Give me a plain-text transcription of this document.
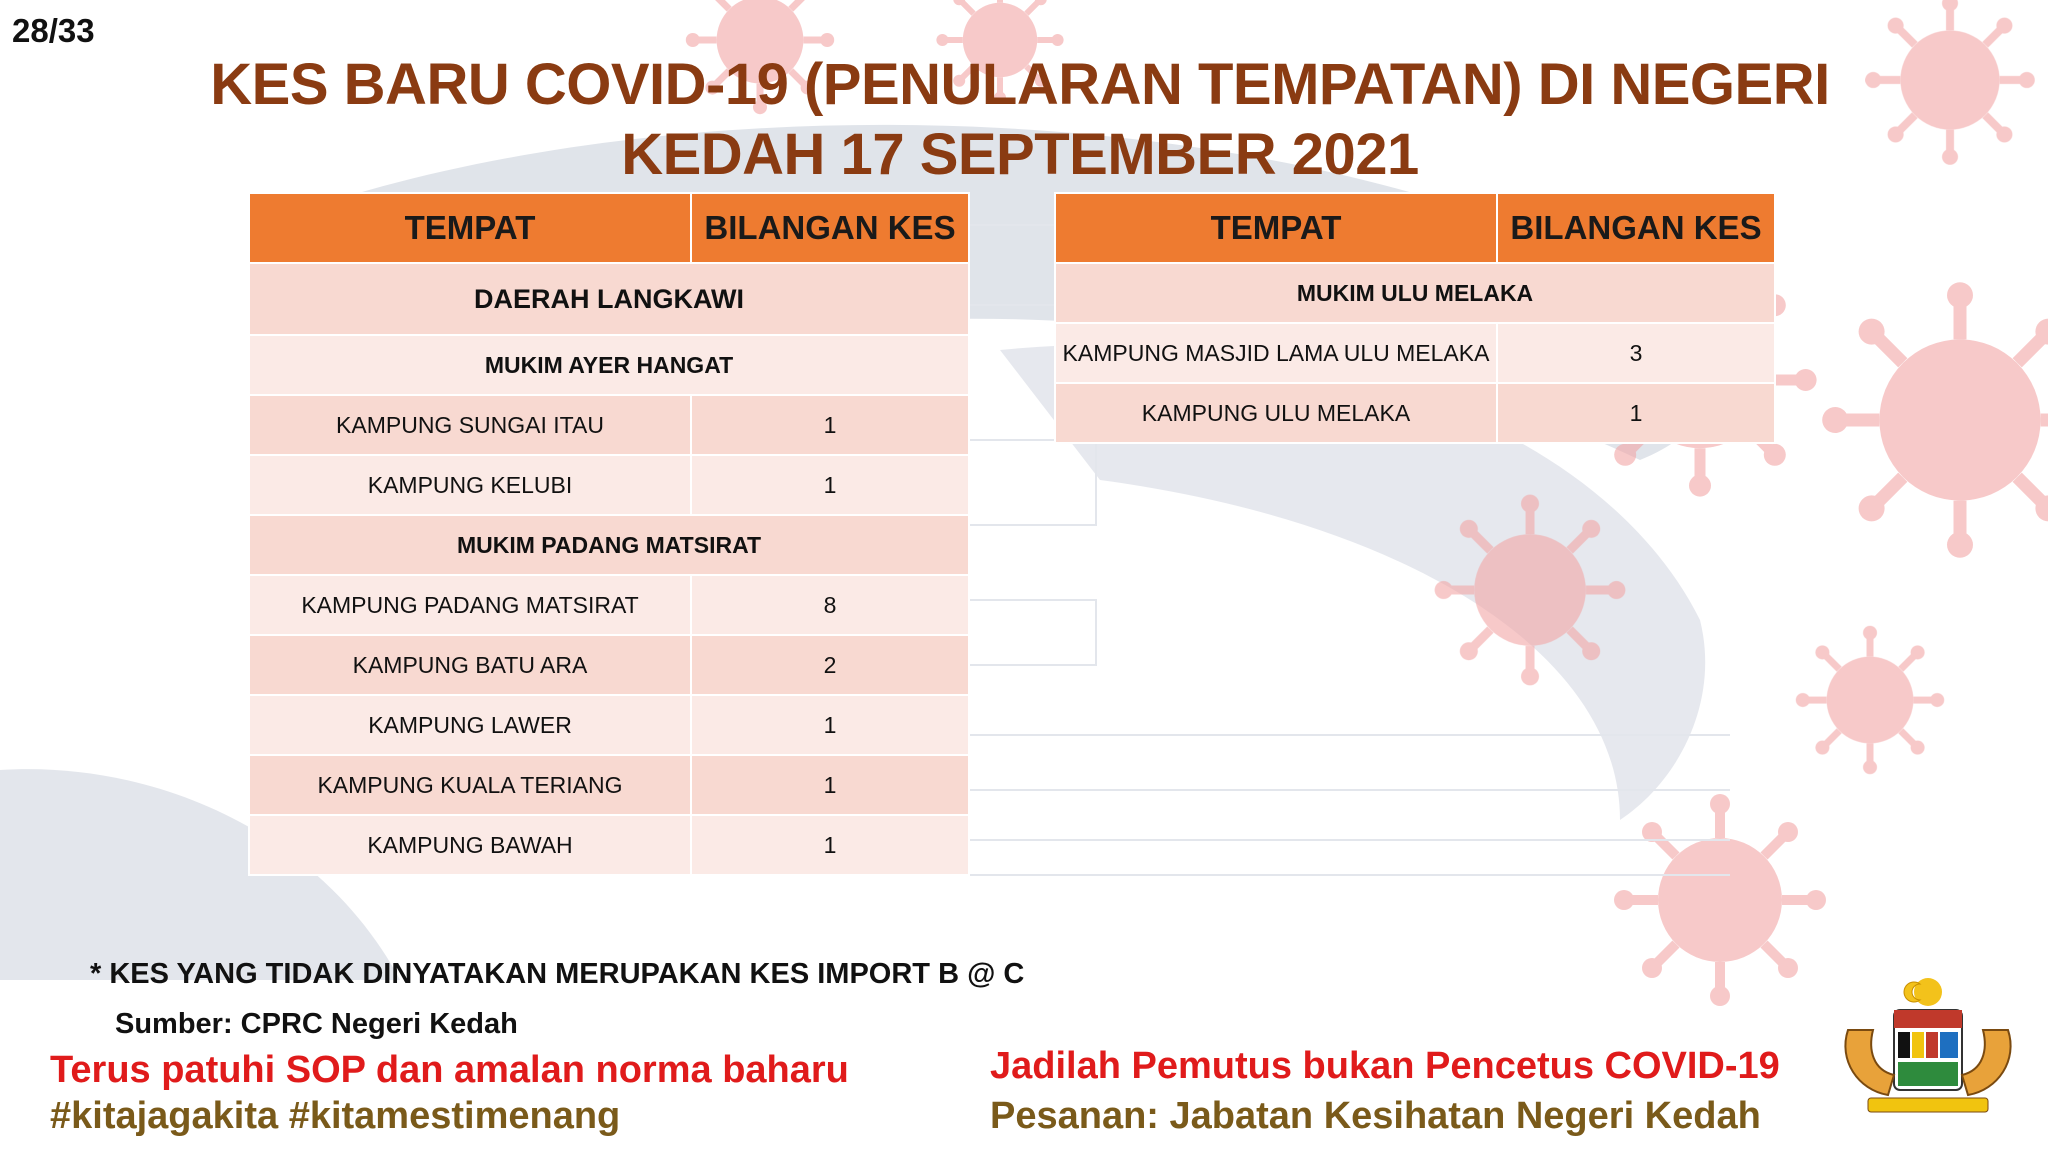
28/33
KES BARU COVID-19 (PENULARAN TEMPATAN) DI NEGERI
KEDAH 17 SEPTEMBER 2021
TEMPAT	BILANGAN KES
DAERAH LANGKAWI	
MUKIM AYER HANGAT	
KAMPUNG SUNGAI ITAU	1
KAMPUNG KELUBI	1
MUKIM PADANG MATSIRAT	
KAMPUNG PADANG MATSIRAT	8
KAMPUNG BATU ARA	2
KAMPUNG LAWER	1
KAMPUNG KUALA TERIANG	1
KAMPUNG BAWAH	1
TEMPAT	BILANGAN KES
MUKIM ULU MELAKA	
KAMPUNG MASJID LAMA ULU MELAKA	3
KAMPUNG ULU MELAKA	1
* KES YANG TIDAK DINYATAKAN MERUPAKAN KES IMPORT B @ C
Sumber: CPRC Negeri Kedah
Terus patuhi SOP dan amalan norma baharu
#kitajagakita #kitamestimenang
Jadilah Pemutus bukan Pencetus COVID-19
Pesanan: Jabatan Kesihatan Negeri Kedah
